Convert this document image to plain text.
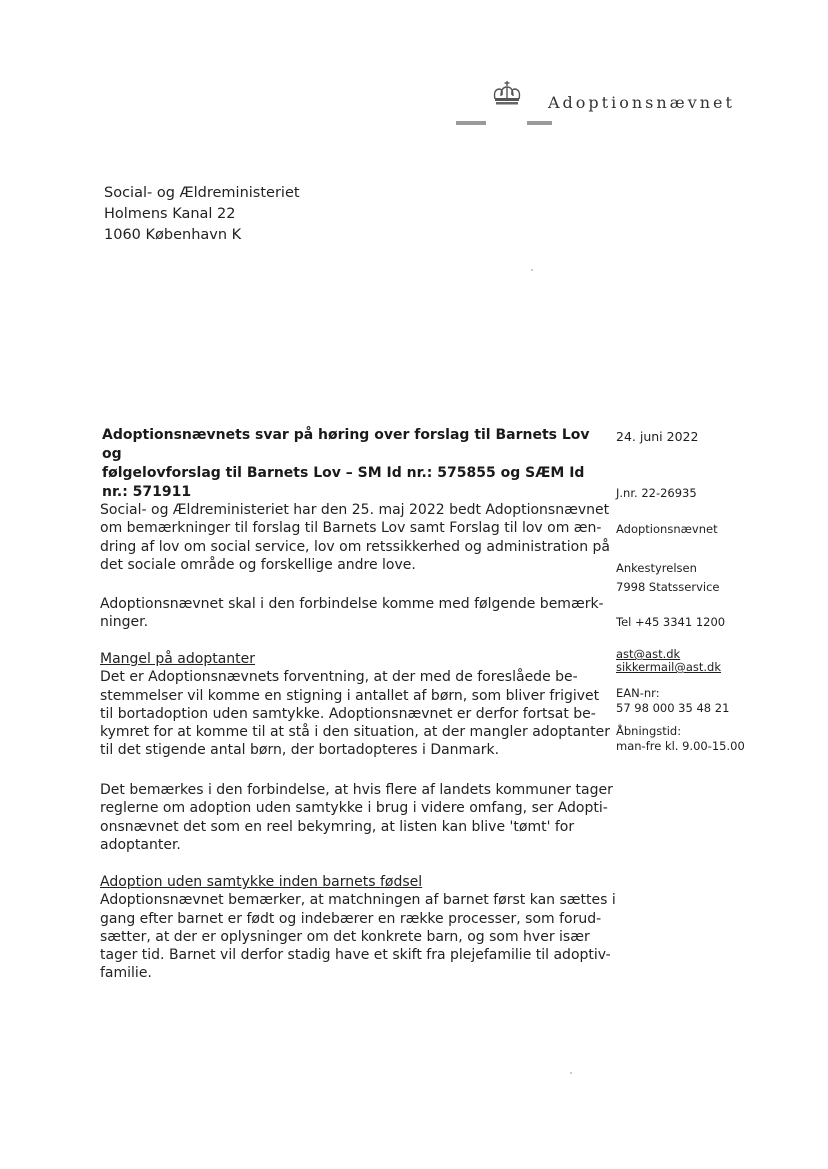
Adoptionsnævnet
Social- og Ældreministeriet
Holmens Kanal 22
1060 København K
Adoptionsnævnets svar på høring over forslag til Barnets Lov og
følgelovforslag til Barnets Lov – SM Id nr.: 575855 og SÆM Id
nr.: 571911
Social- og Ældreministeriet har den 25. maj 2022 bedt Adoptionsnævnet
om bemærkninger til forslag til Barnets Lov samt Forslag til lov om æn-
dring af lov om social service, lov om retssikkerhed og administration på
det sociale område og forskellige andre love.
Adoptionsnævnet skal i den forbindelse komme med følgende bemærk-
ninger.
Mangel på adoptanter
Det er Adoptionsnævnets forventning, at der med de foreslåede be-
stemmelser vil komme en stigning i antallet af børn, som bliver frigivet
til bortadoption uden samtykke. Adoptionsnævnet er derfor fortsat be-
kymret for at komme til at stå i den situation, at der mangler adoptanter
til det stigende antal børn, der bortadopteres i Danmark.
Det bemærkes i den forbindelse, at hvis flere af landets kommuner tager
reglerne om adoption uden samtykke i brug i videre omfang, ser Adopti-
onsnævnet det som en reel bekymring, at listen kan blive 'tømt' for
adoptanter.
Adoption uden samtykke inden barnets fødsel
Adoptionsnævnet bemærker, at matchningen af barnet først kan sættes i
gang efter barnet er født og indebærer en række processer, som forud-
sætter, at der er oplysninger om det konkrete barn, og som hver især
tager tid. Barnet vil derfor stadig have et skift fra plejefamilie til adoptiv-
familie.
24. juni 2022
J.nr. 22-26935
Adoptionsnævnet
Ankestyrelsen
7998 Statsservice
Tel +45 3341 1200
ast@ast.dk
sikkermail@ast.dk
EAN-nr:
57 98 000 35 48 21
Åbningstid:
man-fre kl. 9.00-15.00
